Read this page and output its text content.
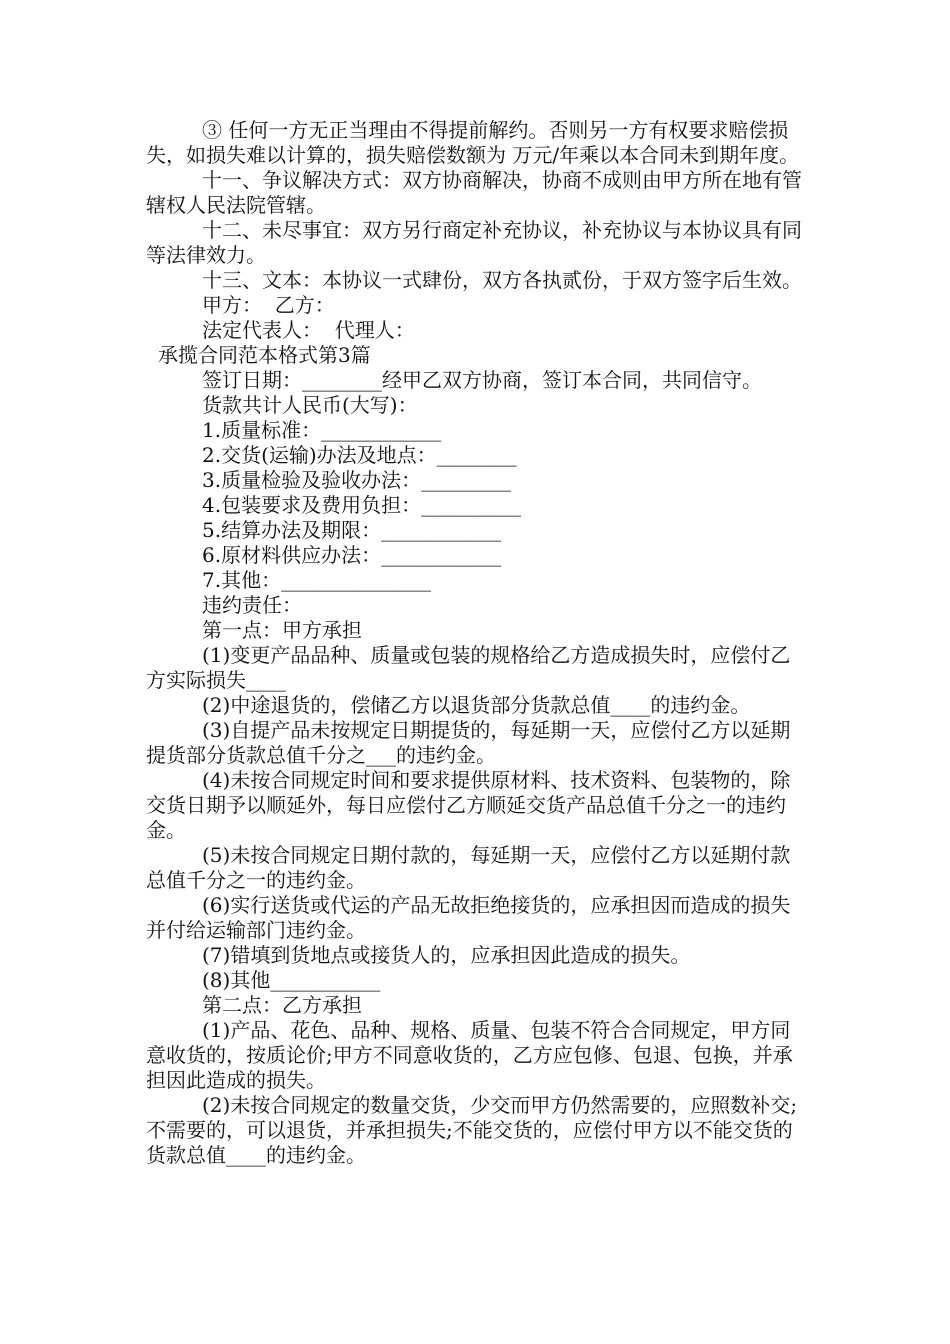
③ 任何一方无正当理由不得提前解约。否则另一方有权要求赔偿损失，如损失难以计算的，损失赔偿数额为 万元/年乘以本合同未到期年度。

十一、争议解决方式：双方协商解决，协商不成则由甲方所在地有管辖权人民法院管辖。

十二、未尽事宜：双方另行商定补充协议，补充协议与本协议具有同等法律效力。

十三、文本：本协议一式肆份，双方各执贰份，于双方签字后生效。

甲方：  乙方：

法定代表人：  代理人：

承揽合同范本格式第3篇

签订日期：________经甲乙双方协商，签订本合同，共同信守。

货款共计人民币(大写)：

1.质量标准：____________

2.交货(运输)办法及地点：________

3.质量检验及验收办法：_________

4.包装要求及费用负担：__________

5.结算办法及期限：____________

6.原材料供应办法：____________

7.其他：_______________

违约责任：

第一点：甲方承担

(1)变更产品品种、质量或包装的规格给乙方造成损失时，应偿付乙方实际损失____

(2)中途退货的，偿储乙方以退货部分货款总值____的违约金。

(3)自提产品未按规定日期提货的，每延期一天，应偿付乙方以延期提货部分货款总值千分之___的违约金。

(4)未按合同规定时间和要求提供原材料、技术资料、包装物的，除交货日期予以顺延外，每日应偿付乙方顺延交货产品总值千分之一的违约金。

(5)未按合同规定日期付款的，每延期一天，应偿付乙方以延期付款总值千分之一的违约金。

(6)实行送货或代运的产品无故拒绝接货的，应承担因而造成的损失并付给运输部门违约金。

(7)错填到货地点或接货人的，应承担因此造成的损失。

(8)其他___________

第二点：乙方承担

(1)产品、花色、品种、规格、质量、包装不符合合同规定，甲方同意收货的，按质论价;甲方不同意收货的，乙方应包修、包退、包换，并承担因此造成的损失。

(2)未按合同规定的数量交货，少交而甲方仍然需要的，应照数补交;不需要的，可以退货，并承担损失;不能交货的，应偿付甲方以不能交货的货款总值____的违约金。
